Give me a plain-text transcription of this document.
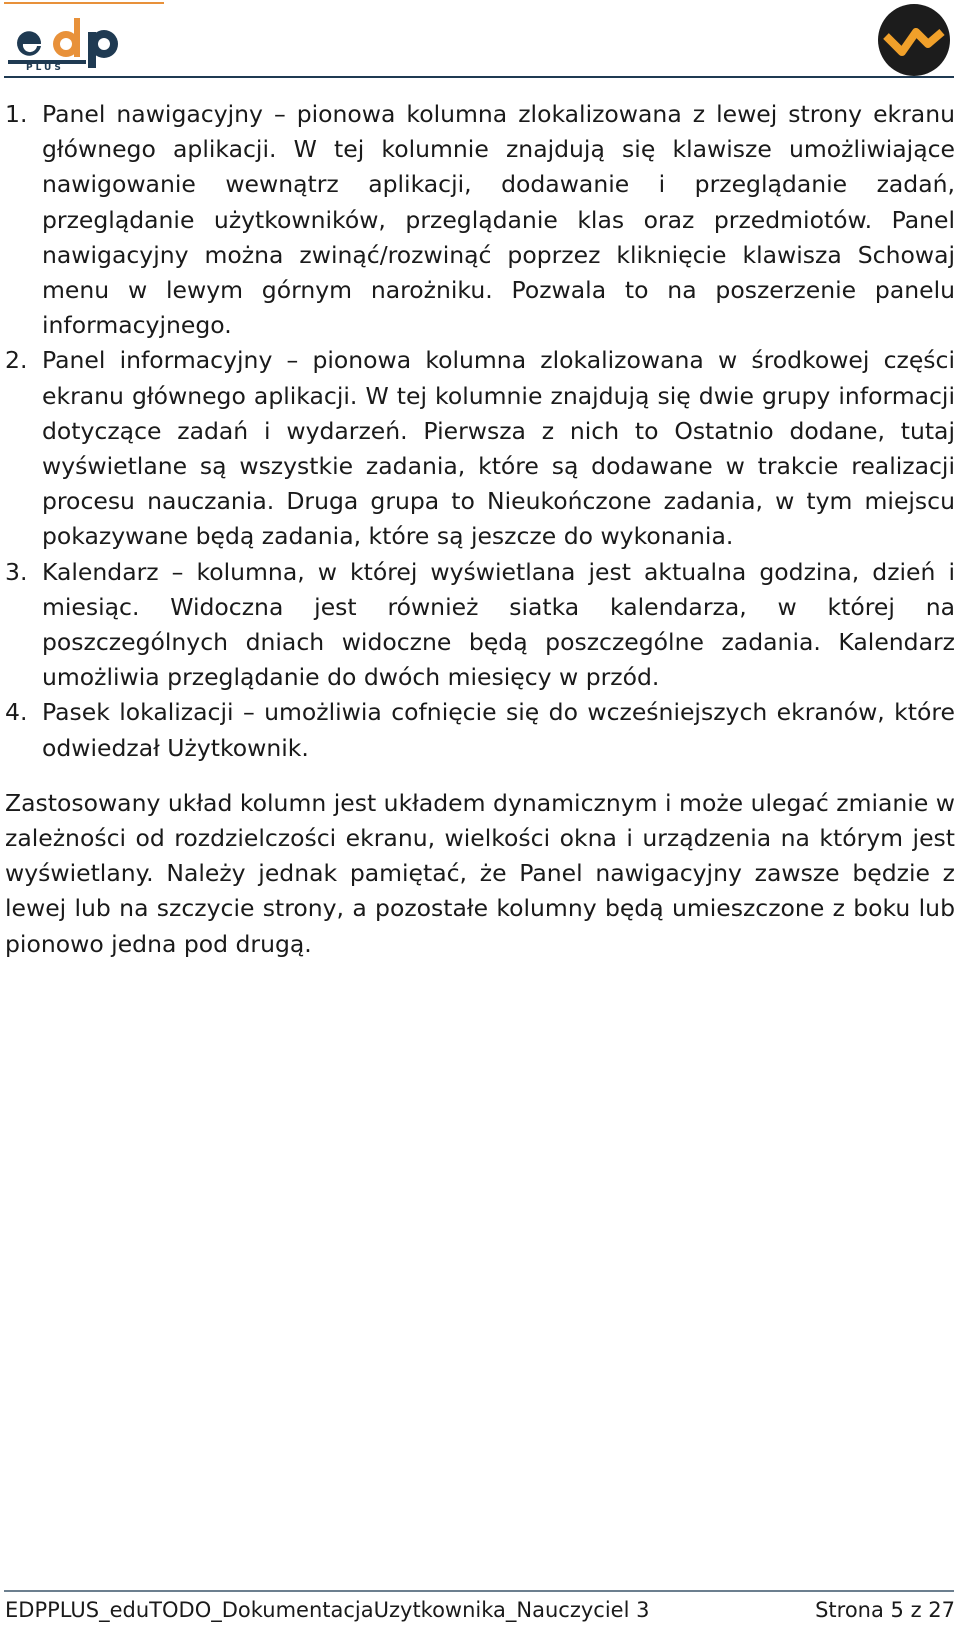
PLUS
1. Panel nawigacyjny – pionowa kolumna zlokalizowana z lewej strony ekranu głównego aplikacji. W tej kolumnie znajdują się klawisze umożliwiające nawigowanie wewnątrz aplikacji, dodawanie i przeglądanie zadań, przeglądanie użytkowników, przeglądanie klas oraz przedmiotów. Panel nawigacyjny można zwinąć/rozwinąć poprzez kliknięcie klawisza Schowaj menu w lewym górnym narożniku. Pozwala to na poszerzenie panelu informacyjnego.
2. Panel informacyjny – pionowa kolumna zlokalizowana w środkowej części ekranu głównego aplikacji. W tej kolumnie znajdują się dwie grupy informacji dotyczące zadań i wydarzeń. Pierwsza z nich to Ostatnio dodane, tutaj wyświetlane są wszystkie zadania, które są dodawane w trakcie realizacji procesu nauczania. Druga grupa to Nieukończone zadania, w tym miejscu pokazywane będą zadania, które są jeszcze do wykonania.
3. Kalendarz – kolumna, w której wyświetlana jest aktualna godzina, dzień i miesiąc. Widoczna jest również siatka kalendarza, w której na poszczególnych dniach widoczne będą poszczególne zadania. Kalendarz umożliwia przeglądanie do dwóch miesięcy w przód.
4. Pasek lokalizacji – umożliwia cofnięcie się do wcześniejszych ekranów, które odwiedzał Użytkownik.

Zastosowany układ kolumn jest układem dynamicznym i może ulegać zmianie w zależności od rozdzielczości ekranu, wielkości okna i urządzenia na którym jest wyświetlany. Należy jednak pamiętać, że Panel nawigacyjny zawsze będzie z lewej lub na szczycie strony, a pozostałe kolumny będą umieszczone z boku lub pionowo jedna pod drugą.

EDPPLUS_eduTODO_DokumentacjaUzytkownika_Nauczyciel 3	Strona 5 z 27
